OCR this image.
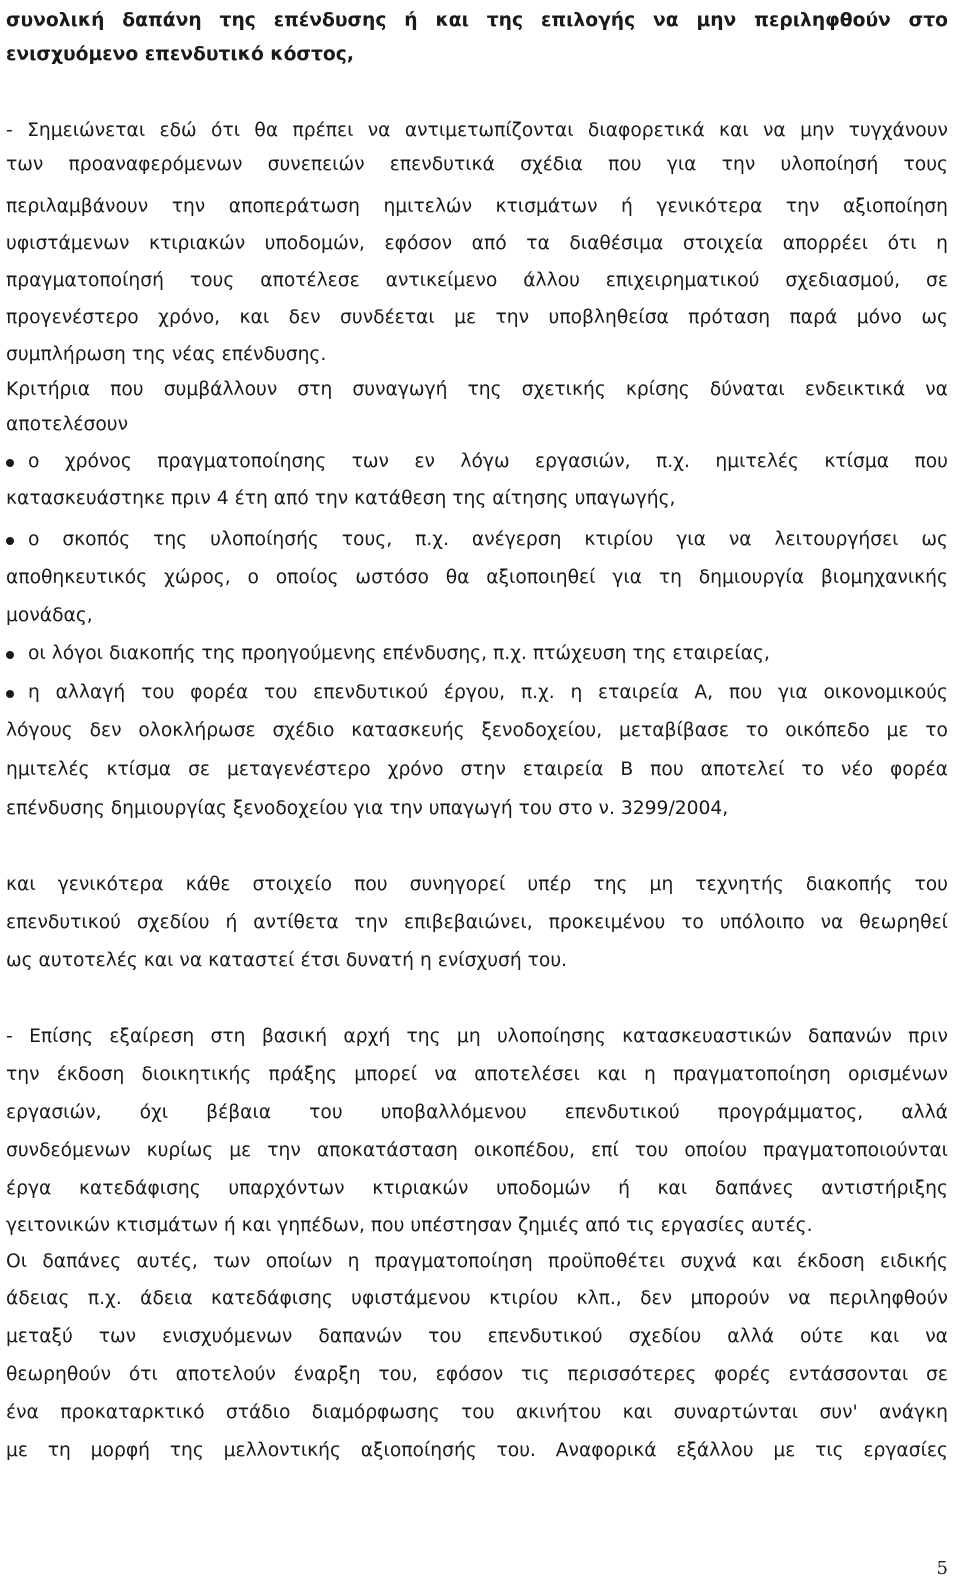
συνολική δαπάνη της επένδυσης ή και της επιλογής να μην περιληφθούν στο
ενισχυόμενο επενδυτικό κόστος,
- Σημειώνεται εδώ ότι θα πρέπει να αντιμετωπίζονται διαφορετικά και να μην τυγχάνουν
των προαναφερόμενων συνεπειών επενδυτικά σχέδια που για την υλοποίησή τους
περιλαμβάνουν την αποπεράτωση ημιτελών κτισμάτων ή γενικότερα την αξιοποίηση
υφιστάμενων κτιριακών υποδομών, εφόσον από τα διαθέσιμα στοιχεία απορρέει ότι η
πραγματοποίησή τους αποτέλεσε αντικείμενο άλλου επιχειρηματικού σχεδιασμού, σε
προγενέστερο χρόνο, και δεν συνδέεται με την υποβληθείσα πρόταση παρά μόνο ως
συμπλήρωση της νέας επένδυσης.
Κριτήρια που συμβάλλουν στη συναγωγή της σχετικής κρίσης δύναται ενδεικτικά να
αποτελέσουν
ο χρόνος πραγματοποίησης των εν λόγω εργασιών, π.χ. ημιτελές κτίσμα που
κατασκευάστηκε πριν 4 έτη από την κατάθεση της αίτησης υπαγωγής,
ο σκοπός της υλοποίησής τους, π.χ. ανέγερση κτιρίου για να λειτουργήσει ως
αποθηκευτικός χώρος, ο οποίος ωστόσο θα αξιοποιηθεί για τη δημιουργία βιομηχανικής
μονάδας,
οι λόγοι διακοπής της προηγούμενης επένδυσης, π.χ. πτώχευση της εταιρείας,
η αλλαγή του φορέα του επενδυτικού έργου, π.χ. η εταιρεία Α, που για οικονομικούς
λόγους δεν ολοκλήρωσε σχέδιο κατασκευής ξενοδοχείου, μεταβίβασε το οικόπεδο με το
ημιτελές κτίσμα σε μεταγενέστερο χρόνο στην εταιρεία Β που αποτελεί το νέο φορέα
επένδυσης δημιουργίας ξενοδοχείου για την υπαγωγή του στο ν. 3299/2004,
και γενικότερα κάθε στοιχείο που συνηγορεί υπέρ της μη τεχνητής διακοπής του
επενδυτικού σχεδίου ή αντίθετα την επιβεβαιώνει, προκειμένου το υπόλοιπο να θεωρηθεί
ως αυτοτελές και να καταστεί έτσι δυνατή η ενίσχυσή του.
- Επίσης εξαίρεση στη βασική αρχή της μη υλοποίησης κατασκευαστικών δαπανών πριν
την έκδοση διοικητικής πράξης μπορεί να αποτελέσει και η πραγματοποίηση ορισμένων
εργασιών, όχι βέβαια του υποβαλλόμενου επενδυτικού προγράμματος, αλλά
συνδεόμενων κυρίως με την αποκατάσταση οικοπέδου, επί του οποίου πραγματοποιούνται
έργα κατεδάφισης υπαρχόντων κτιριακών υποδομών ή και δαπάνες αντιστήριξης
γειτονικών κτισμάτων ή και γηπέδων, που υπέστησαν ζημιές από τις εργασίες αυτές.
Οι δαπάνες αυτές, των οποίων η πραγματοποίηση προϋποθέτει συχνά και έκδοση ειδικής
άδειας π.χ. άδεια κατεδάφισης υφιστάμενου κτιρίου κλπ., δεν μπορούν να περιληφθούν
μεταξύ των ενισχυόμενων δαπανών του επενδυτικού σχεδίου αλλά ούτε και να
θεωρηθούν ότι αποτελούν έναρξη του, εφόσον τις περισσότερες φορές εντάσσονται σε
ένα προκαταρκτικό στάδιο διαμόρφωσης του ακινήτου και συναρτώνται συν' ανάγκη
με τη μορφή της μελλοντικής αξιοποίησής του. Αναφορικά εξάλλου με τις εργασίες
5
